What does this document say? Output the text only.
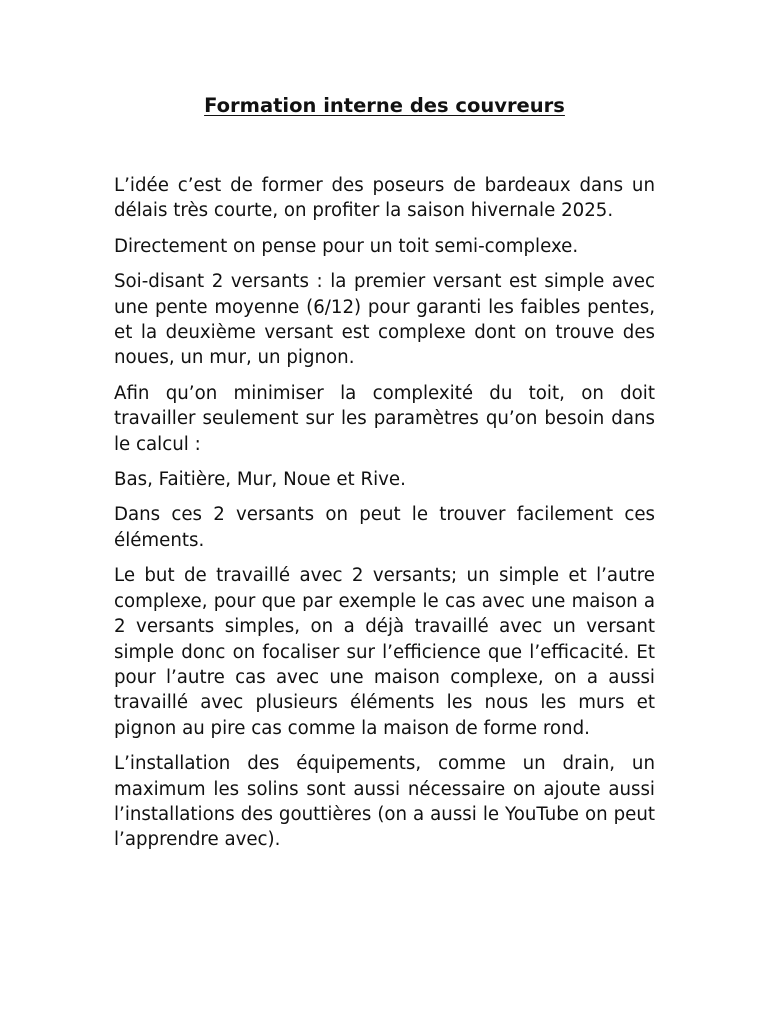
Formation interne des couvreurs

L’idée c’est de former des poseurs de bardeaux dans un délais très courte, on profiter la saison hivernale 2025.

Directement on pense pour un toit semi-complexe.

Soi-disant 2 versants : la premier versant est simple avec une pente moyenne (6/12) pour garanti les faibles pentes, et la deuxième versant est complexe dont on trouve des noues, un mur, un pignon.

Afin qu’on minimiser la complexité du toit, on doit travailler seulement sur les paramètres qu’on besoin dans le calcul :

Bas, Faitière, Mur, Noue et Rive.

Dans ces 2 versants on peut le trouver facilement ces éléments.

Le but de travaillé avec 2 versants; un simple et l’autre complexe, pour que par exemple le cas avec une maison a 2 versants simples, on a déjà travaillé avec un versant simple donc on focaliser sur l’efficience que l’efficacité. Et pour l’autre cas avec une maison complexe, on a aussi travaillé avec plusieurs éléments les nous les murs et pignon au pire cas comme la maison de forme rond.

L’installation des équipements, comme un drain, un maximum les solins sont aussi nécessaire on ajoute aussi l’installations des gouttières (on a aussi le YouTube on peut l’apprendre avec).
